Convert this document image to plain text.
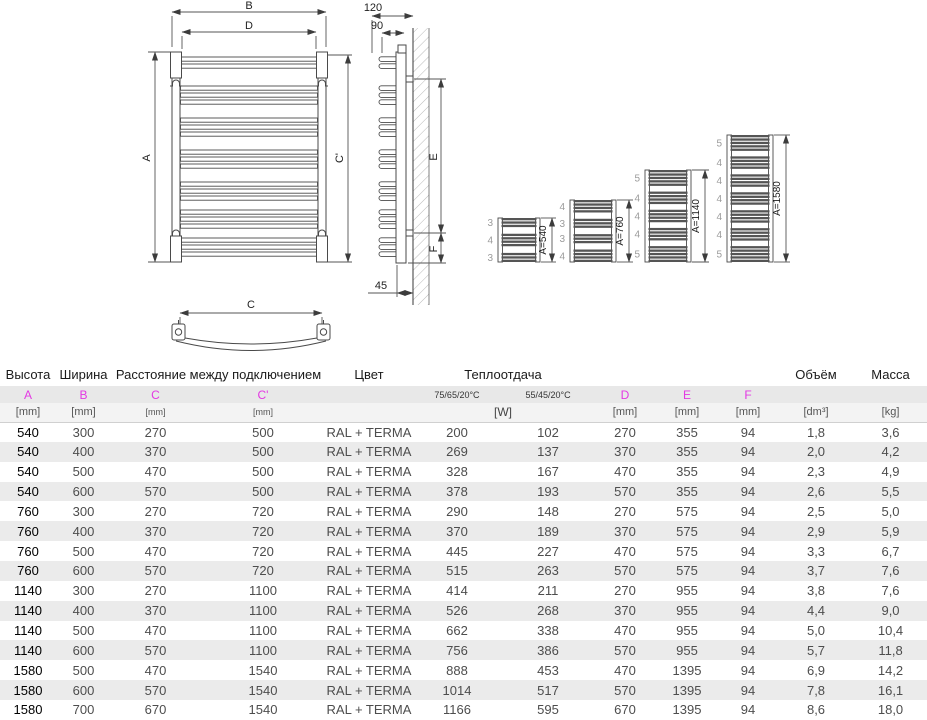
B
D
A	C'
120
90
45
E
F
C
3
4
3
A=540
4
3
3
4
A=760
5
4
4
4
5
A=1140
5
4
4
4
4
4
5
A=1580
Высота	Ширина	Расстояние между подключением		Цвет	Теплоотдача					Объём	Масса
A	B	C	C'		75/65/20°C	55/45/20°C	D	E	F		
[mm]	[mm]	[mm]	[mm]		[W]		[mm]	[mm]	[mm]	[dm³]	[kg]
540	300	270	500	RAL + TERMA	200	102	270	355	94	1,8	3,6
540	400	370	500	RAL + TERMA	269	137	370	355	94	2,0	4,2
540	500	470	500	RAL + TERMA	328	167	470	355	94	2,3	4,9
540	600	570	500	RAL + TERMA	378	193	570	355	94	2,6	5,5
760	300	270	720	RAL + TERMA	290	148	270	575	94	2,5	5,0
760	400	370	720	RAL + TERMA	370	189	370	575	94	2,9	5,9
760	500	470	720	RAL + TERMA	445	227	470	575	94	3,3	6,7
760	600	570	720	RAL + TERMA	515	263	570	575	94	3,7	7,6
1140	300	270	1100	RAL + TERMA	414	211	270	955	94	3,8	7,6
1140	400	370	1100	RAL + TERMA	526	268	370	955	94	4,4	9,0
1140	500	470	1100	RAL + TERMA	662	338	470	955	94	5,0	10,4
1140	600	570	1100	RAL + TERMA	756	386	570	955	94	5,7	11,8
1580	500	470	1540	RAL + TERMA	888	453	470	1395	94	6,9	14,2
1580	600	570	1540	RAL + TERMA	1014	517	570	1395	94	7,8	16,1
1580	700	670	1540	RAL + TERMA	1166	595	670	1395	94	8,6	18,0
